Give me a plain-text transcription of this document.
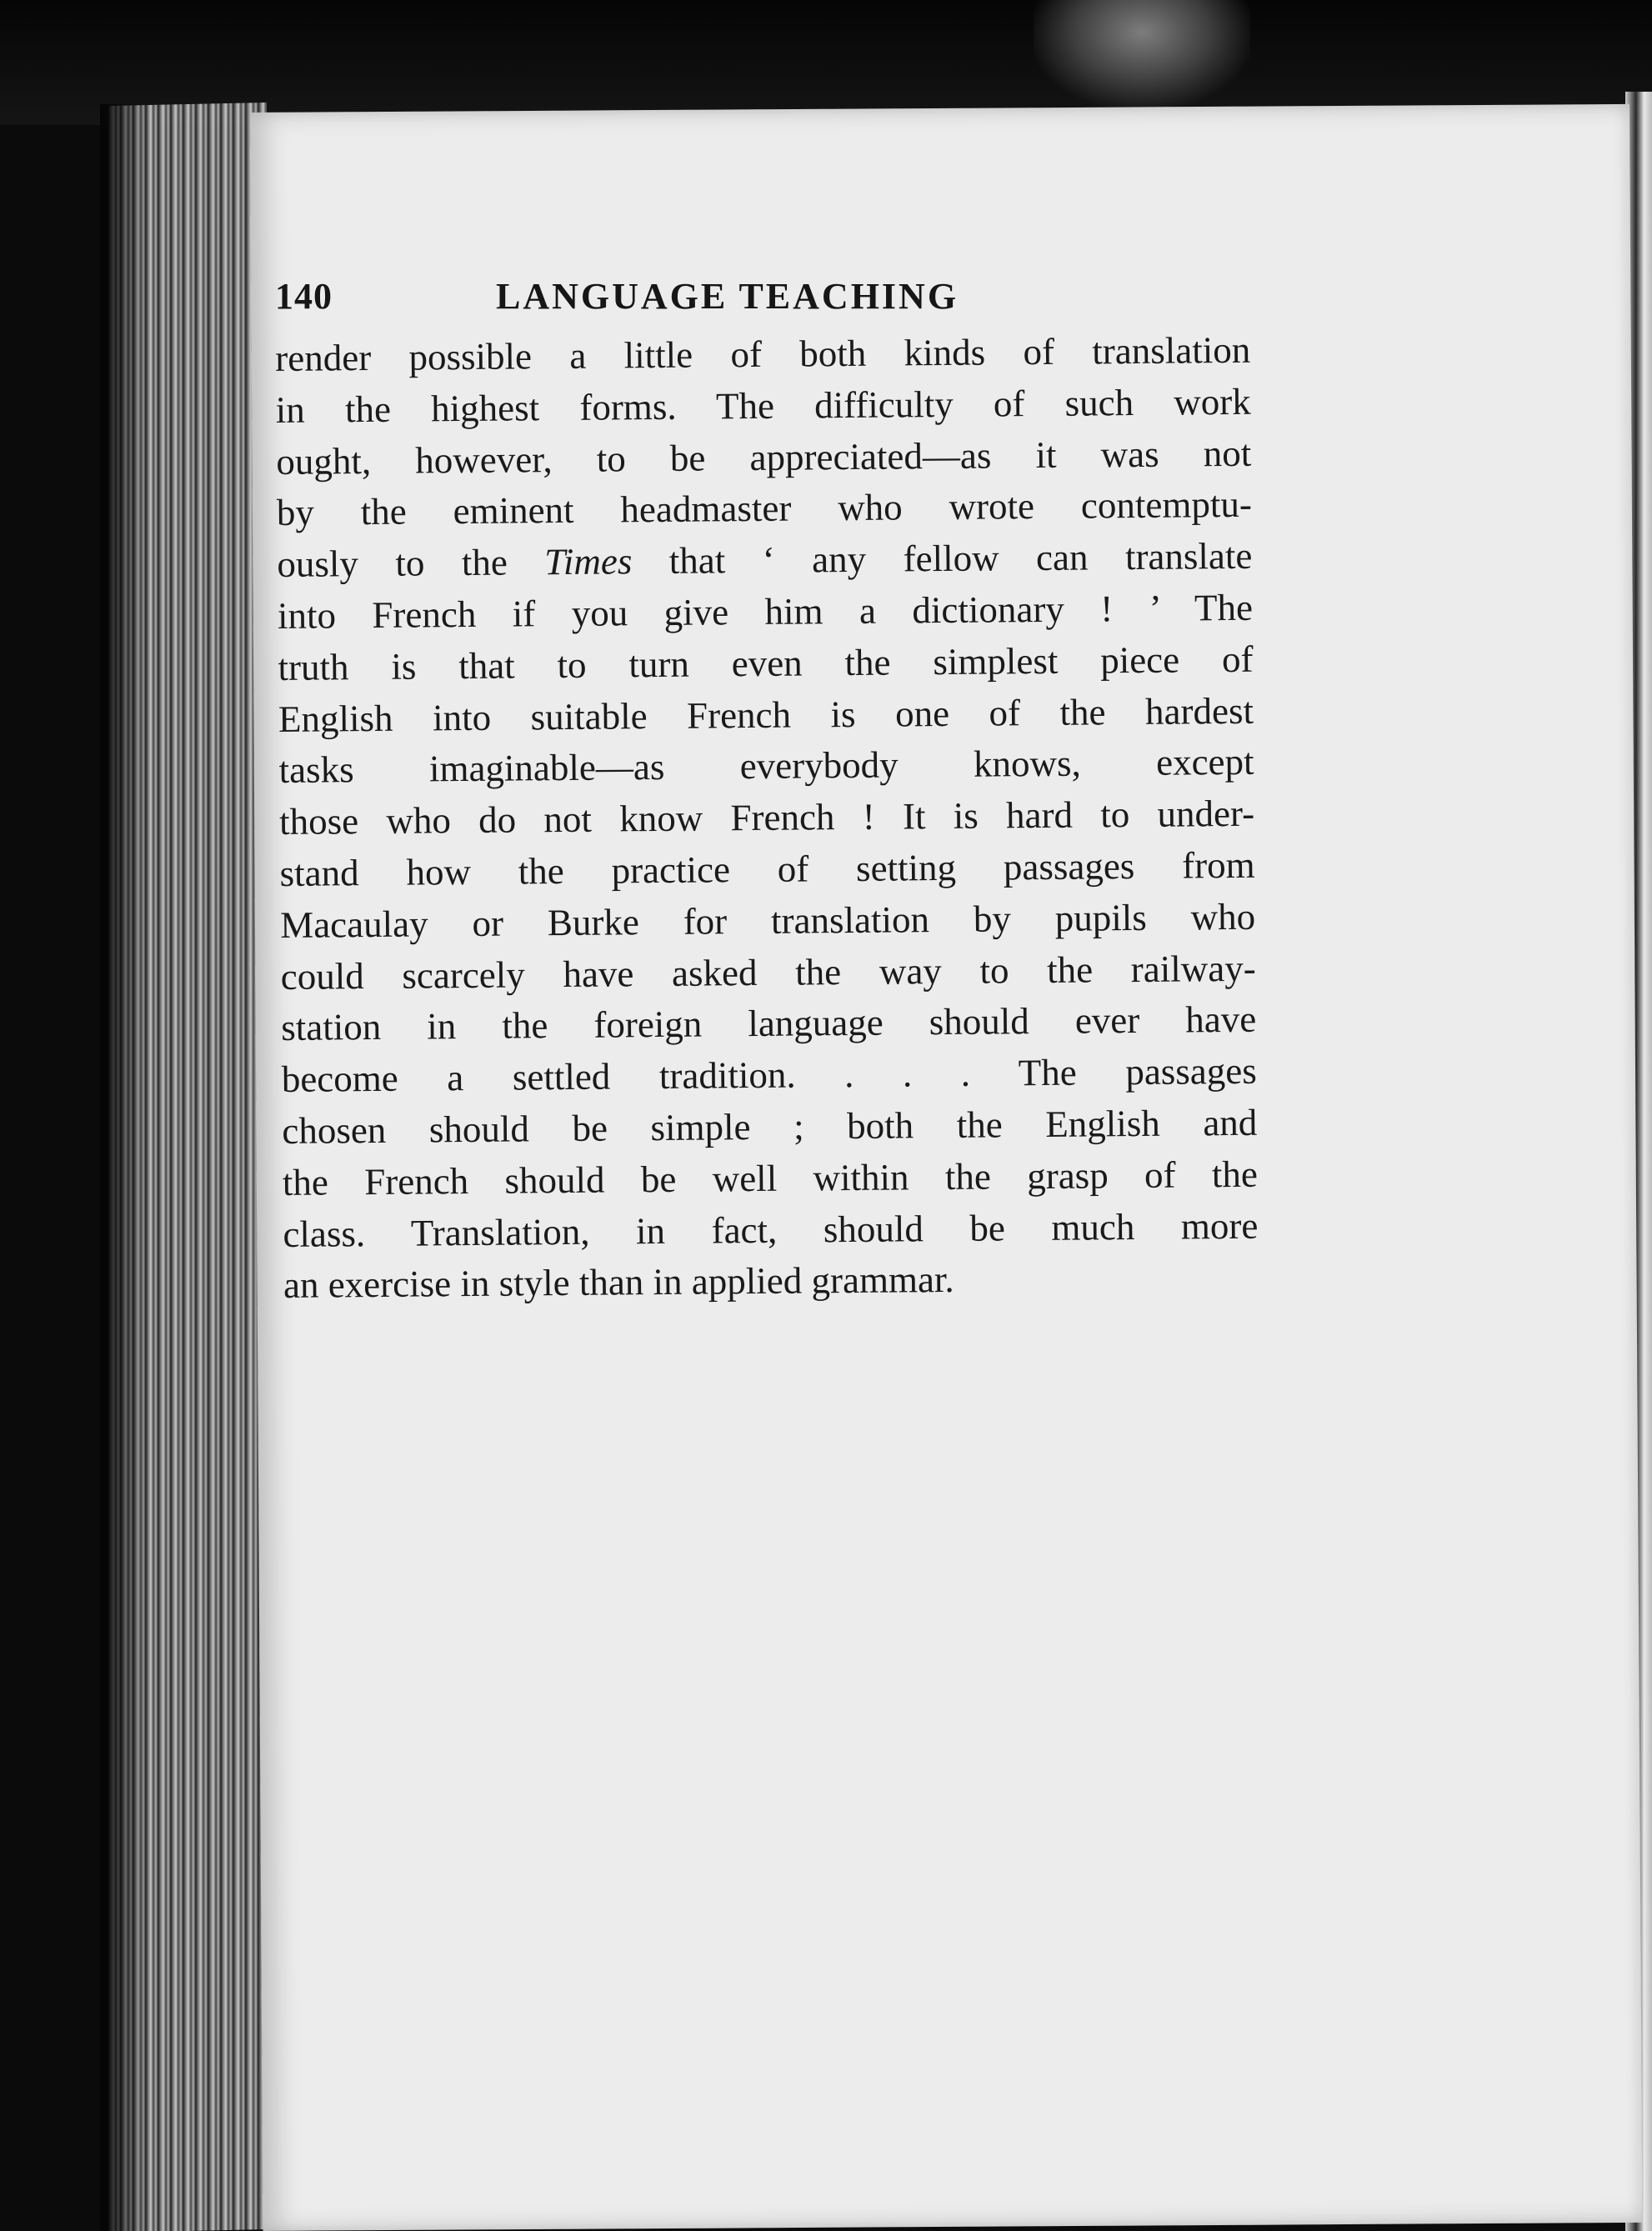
140	LANGUAGE TEACHING
render possible a little of both kinds of translation
in the highest forms. The difficulty of such work
ought, however, to be appreciated—as it was not
by the eminent headmaster who wrote contemptu-
ously to the Times that ‘ any fellow can translate
into French if you give him a dictionary ! ’ The
truth is that to turn even the simplest piece of
English into suitable French is one of the hardest
tasks imaginable—as everybody knows, except
those who do not know French ! It is hard to under-
stand how the practice of setting passages from
Macaulay or Burke for translation by pupils who
could scarcely have asked the way to the railway-
station in the foreign language should ever have
become a settled tradition. . . . The passages
chosen should be simple ; both the English and
the French should be well within the grasp of the
class. Translation, in fact, should be much more
an exercise in style than in applied grammar.
